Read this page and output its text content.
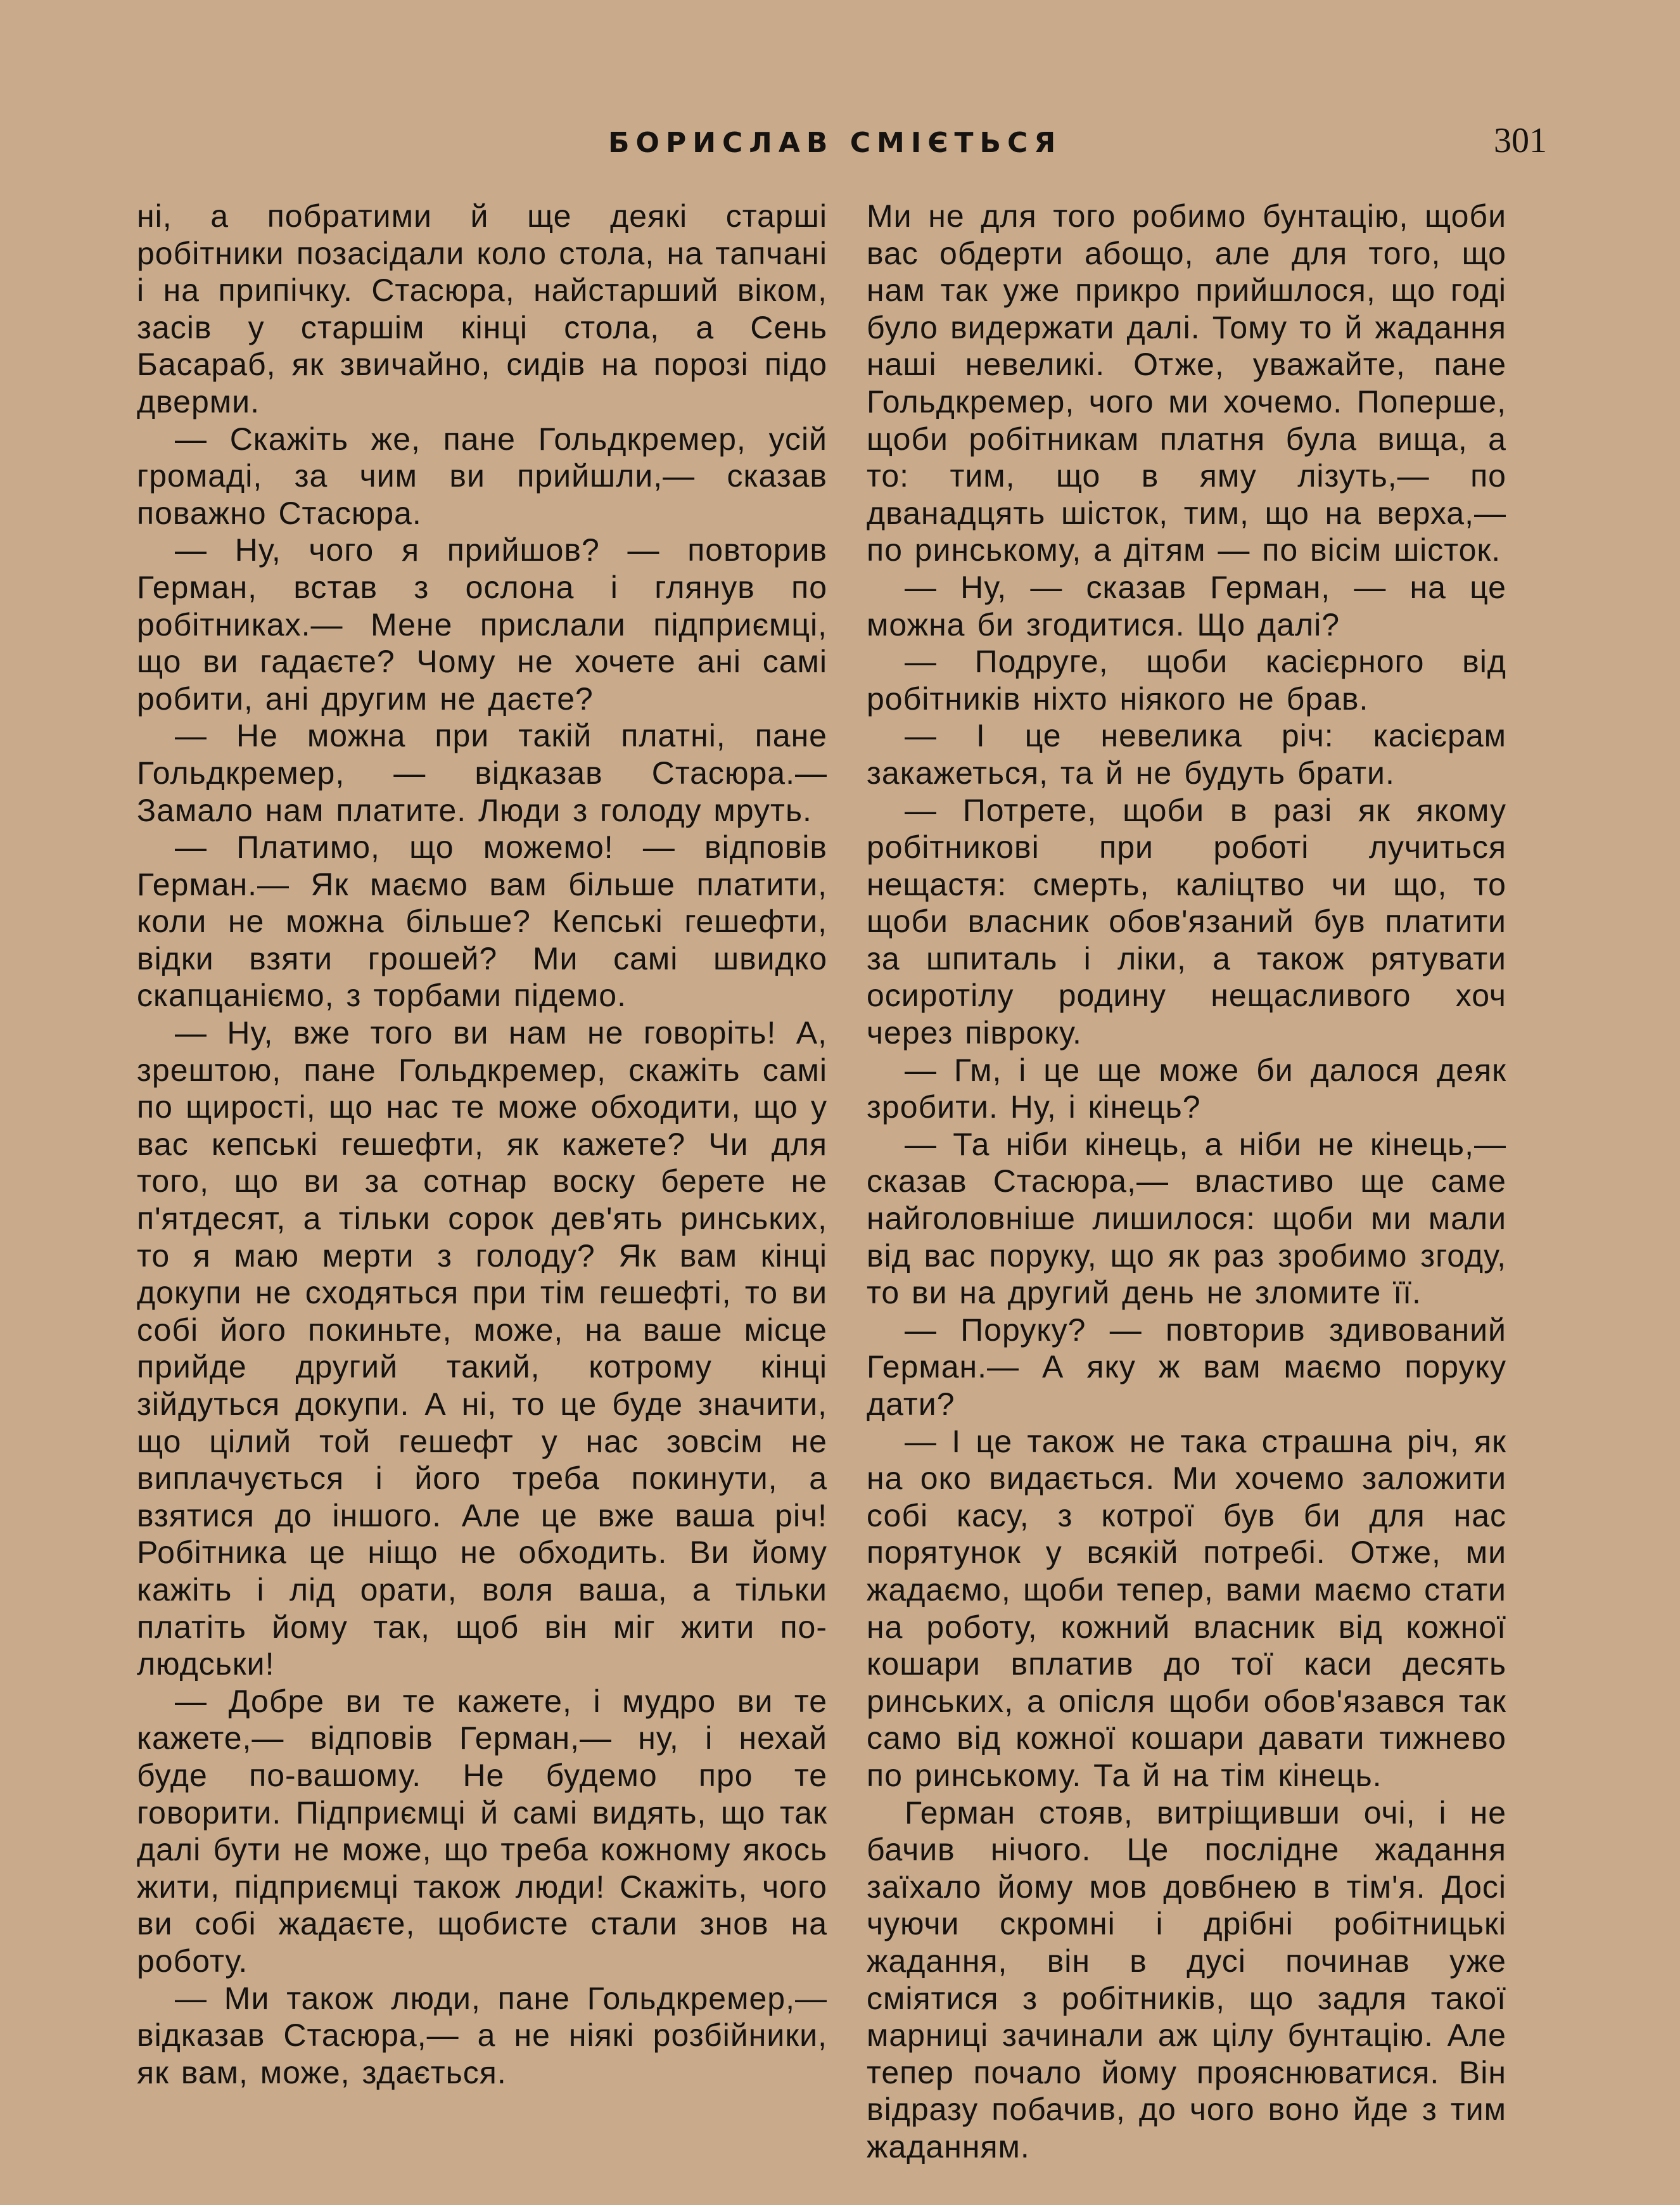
БОРИСЛАВ СМІЄТЬСЯ	301

ні, а побратими й ще деякі старші робітники позасідали коло стола, на тапчані і на припічку. Стасюра, найстарший віком, засів у старшім кінці стола, а Сень Басараб, як звичайно, сидів на порозі підо дверми.

— Скажіть же, пане Гольдкремер, усій громаді, за чим ви прийшли,— сказав поважно Стасюра.

— Ну, чого я прийшов? — повторив Герман, встав з ослона і глянув по робітниках.— Мене прислали підприємці, що ви гадаєте? Чому не хочете ані самі робити, ані другим не даєте?

— Не можна при такій платні, пане Гольдкремер, — відказав Стасюра.— Замало нам платите. Люди з голоду мруть.

— Платимо, що можемо! — відповів Герман.— Як маємо вам більше платити, коли не можна більше? Кепські гешефти, відки взяти грошей? Ми самі швидко скапцаніємо, з торбами підемо.

— Ну, вже того ви нам не говоріть! А, зрештою, пане Гольдкремер, скажіть самі по щирості, що нас те може обходити, що у вас кепські гешефти, як кажете? Чи для того, що ви за сотнар воску берете не п'ятдесят, а тільки сорок дев'ять ринських, то я маю мерти з голоду? Як вам кінці докупи не сходяться при тім гешефті, то ви собі його покиньте, може, на ваше місце прийде другий такий, котрому кінці зійдуться докупи. А ні, то це буде значити, що цілий той гешефт у нас зовсім не виплачується і його треба покинути, а взятися до іншого. Але це вже ваша річ! Робітника це ніщо не обходить. Ви йому кажіть і лід орати, воля ваша, а тільки платіть йому так, щоб він міг жити по-людськи!

— Добре ви те кажете, і мудро ви те кажете,— відповів Герман,— ну, і нехай буде по-вашому. Не будемо про те говорити. Підприємці й самі видять, що так далі бути не може, що треба кожному якось жити, підприємці також люди! Скажіть, чого ви собі жадаєте, щобисте стали знов на роботу.

— Ми також люди, пане Гольдкремер,— відказав Стасюра,— а не ніякі розбійники, як вам, може, здається.

Ми не для того робимо бунтацію, щоби вас обдерти абощо, але для того, що нам так уже прикро прийшлося, що годі було видержати далі. Тому то й жадання наші невеликі. Отже, уважайте, пане Гольдкремер, чого ми хочемо. Поперше, щоби робітникам платня була вища, а то: тим, що в яму лізуть,— по дванадцять шісток, тим, що на верха,— по ринському, а дітям — по вісім шісток.

— Ну, — сказав Герман, — на це можна би згодитися. Що далі?

— Подруге, щоби касієрного від робітників ніхто ніякого не брав.

— І це невелика річ: касієрам закажеться, та й не будуть брати.

— Потрете, щоби в разі як якому робітникові при роботі лучиться нещастя: смерть, каліцтво чи що, то щоби власник обов'язаний був платити за шпиталь і ліки, а також рятувати осиротілу родину нещасливого хоч через півроку.

— Гм, і це ще може би далося деяк зробити. Ну, і кінець?

— Та ніби кінець, а ніби не кінець,— сказав Стасюра,— властиво ще саме найголовніше лишилося: щоби ми мали від вас поруку, що як раз зробимо згоду, то ви на другий день не зломите її.

— Поруку? — повторив здивований Герман.— А яку ж вам маємо поруку дати?

— І це також не така страшна річ, як на око видається. Ми хочемо заложити собі касу, з котрої був би для нас порятунок у всякій потребі. Отже, ми жадаємо, щоби тепер, вами маємо стати на роботу, кожний власник від кожної кошари вплатив до тої каси десять ринських, а опісля щоби обов'язався так само від кожної кошари давати тижнево по ринському. Та й на тім кінець.

Герман стояв, витріщивши очі, і не бачив нічого. Це послідне жадання заїхало йому мов довбнею в тім'я. Досі чуючи скромні і дрібні робітницькі жадання, він в дусі починав уже сміятися з робітників, що задля такої марниці зачинали аж цілу бунтацію. Але тепер почало йому прояснюватися. Він відразу побачив, до чого воно йде з тим жаданням.
